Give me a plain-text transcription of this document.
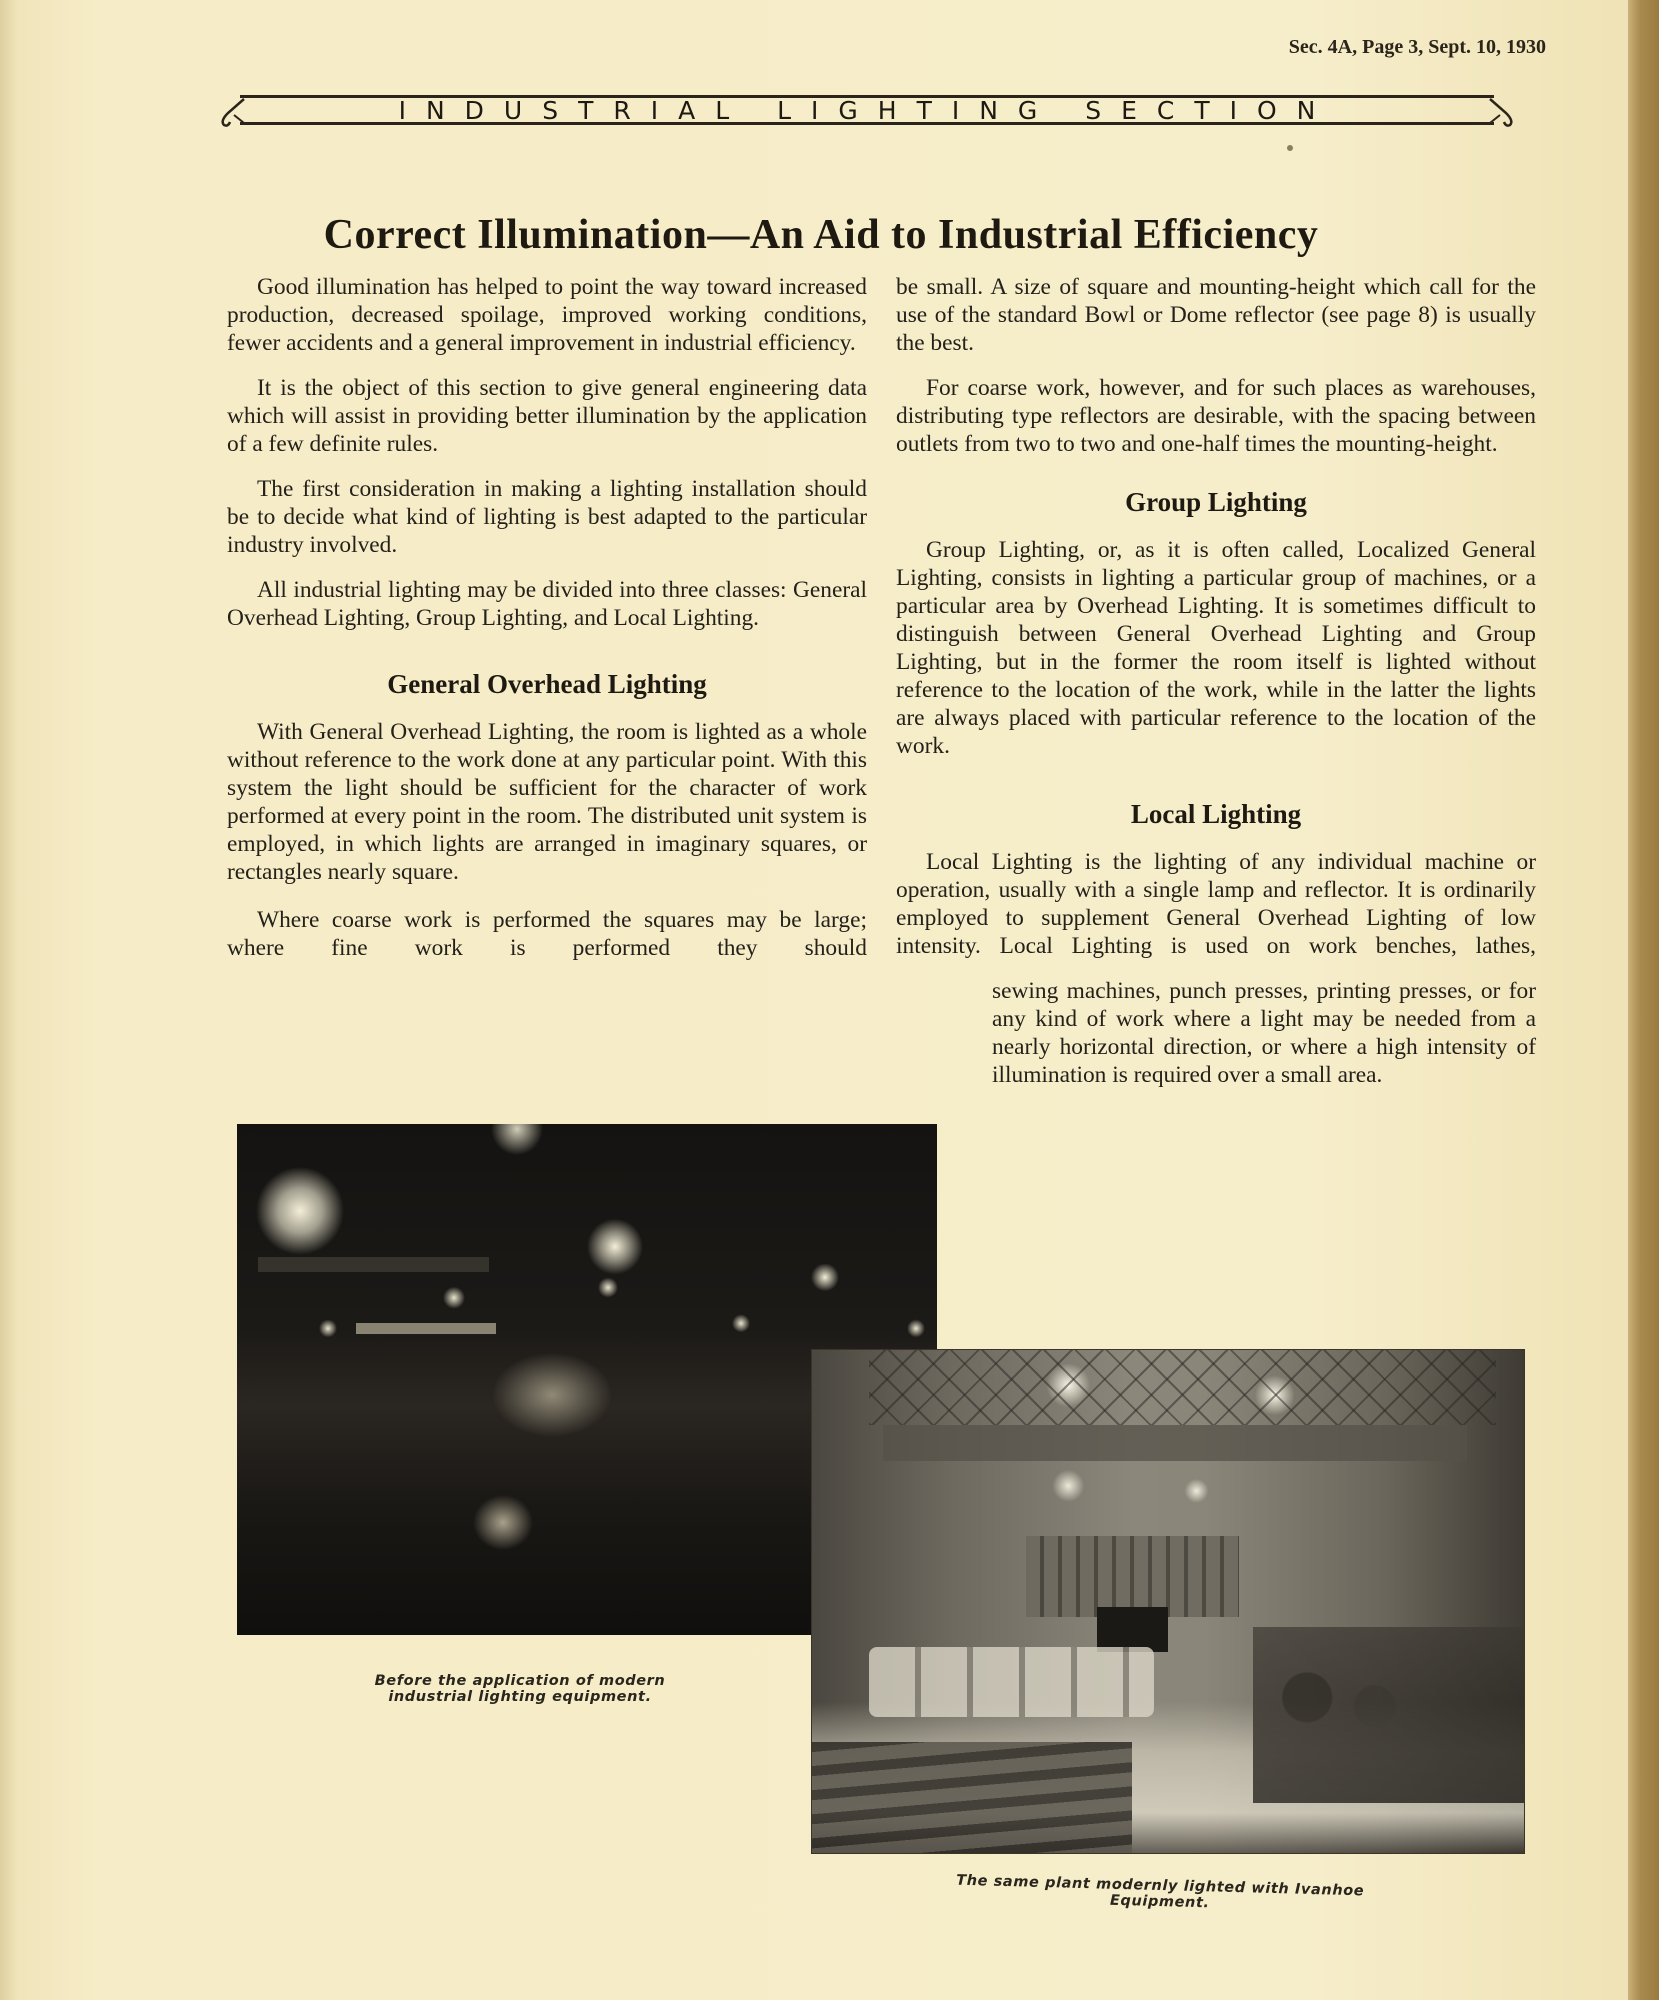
Sec. 4A, Page 3, Sept. 10, 1930
INDUSTRIAL LIGHTING SECTION
Correct Illumination—An Aid to Industrial Efficiency

Good illumination has helped to point the way toward increased production, decreased spoilage, improved working conditions, fewer accidents and a general improvement in industrial efficiency.

It is the object of this section to give general engineering data which will assist in providing better illumination by the application of a few definite rules.

The first consideration in making a lighting installation should be to decide what kind of lighting is best adapted to the particular industry involved.

All industrial lighting may be divided into three classes: General Overhead Lighting, Group Lighting, and Local Lighting.

General Overhead Lighting

With General Overhead Lighting, the room is lighted as a whole without reference to the work done at any particular point. With this system the light should be sufficient for the character of work performed at every point in the room. The distributed unit system is employed, in which lights are arranged in imaginary squares, or rectangles nearly square.

Where coarse work is performed the squares may be large; where fine work is performed they should

be small. A size of square and mounting-height which call for the use of the standard Bowl or Dome reflector (see page 8) is usually the best.

For coarse work, however, and for such places as warehouses, distributing type reflectors are desirable, with the spacing between outlets from two to two and one-half times the mounting-height.

Group Lighting

Group Lighting, or, as it is often called, Localized General Lighting, consists in lighting a particular group of machines, or a particular area by Overhead Lighting. It is sometimes difficult to distinguish between General Overhead Lighting and Group Lighting, but in the former the room itself is lighted without reference to the location of the work, while in the latter the lights are always placed with particular reference to the location of the work.

Local Lighting

Local Lighting is the lighting of any individual machine or operation, usually with a single lamp and reflector. It is ordinarily employed to supplement General Overhead Lighting of low intensity. Local Lighting is used on work benches, lathes,

sewing machines, punch presses, printing presses, or for any kind of work where a light may be needed from a nearly horizontal direction, or where a high intensity of illumination is required over a small area.

Before the application of modern industrial lighting equipment.
The same plant modernly lighted with Ivanhoe Equipment.
